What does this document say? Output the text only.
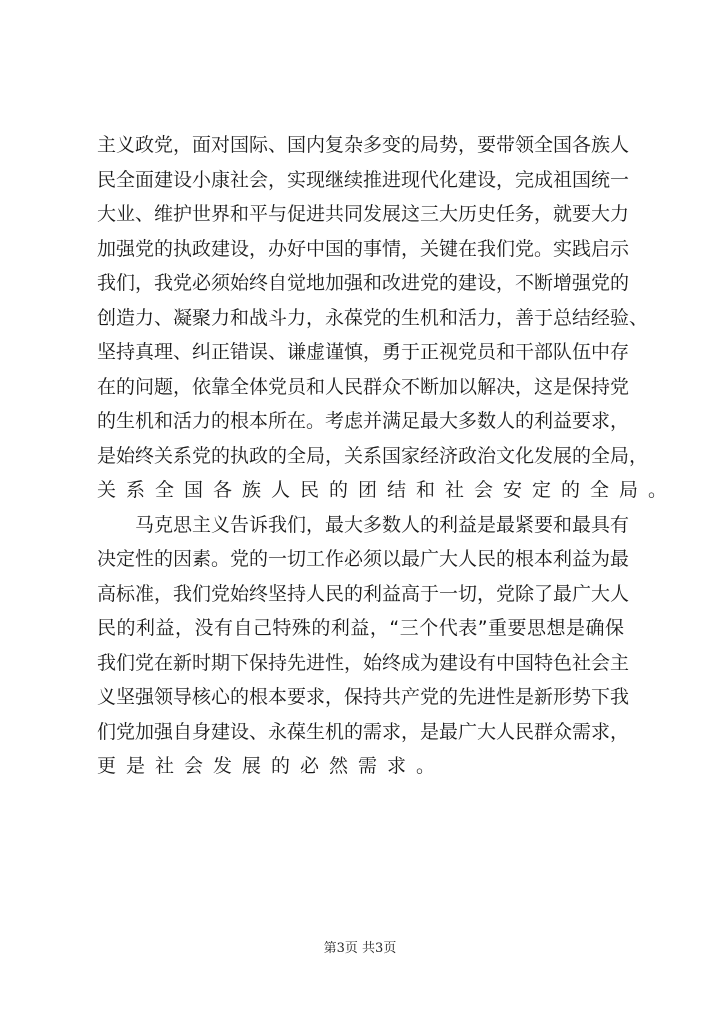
主义政党，面对国际、国内复杂多变的局势，要带领全国各族人
民全面建设小康社会，实现继续推进现代化建设，完成祖国统一
大业、维护世界和平与促进共同发展这三大历史任务，就要大力
加强党的执政建设，办好中国的事情，关键在我们党。实践启示
我们，我党必须始终自觉地加强和改进党的建设，不断增强党的
创造力、凝聚力和战斗力，永葆党的生机和活力，善于总结经验、
坚持真理、纠正错误、谦虚谨慎，勇于正视党员和干部队伍中存
在的问题，依靠全体党员和人民群众不断加以解决，这是保持党
的生机和活力的根本所在。考虑并满足最大多数人的利益要求，
是始终关系党的执政的全局，关系国家经济政治文化发展的全局，
关系全国各族人民的团结和社会安定的全局。
马克思主义告诉我们，最大多数人的利益是最紧要和最具有
决定性的因素。党的一切工作必须以最广大人民的根本利益为最
高标准，我们党始终坚持人民的利益高于一切，党除了最广大人
民的利益，没有自己特殊的利益，“三个代表”重要思想是确保
我们党在新时期下保持先进性，始终成为建设有中国特色社会主
义坚强领导核心的根本要求，保持共产党的先进性是新形势下我
们党加强自身建设、永葆生机的需求，是最广大人民群众需求，
更是社会发展的必然需求。
第3页 共3页
